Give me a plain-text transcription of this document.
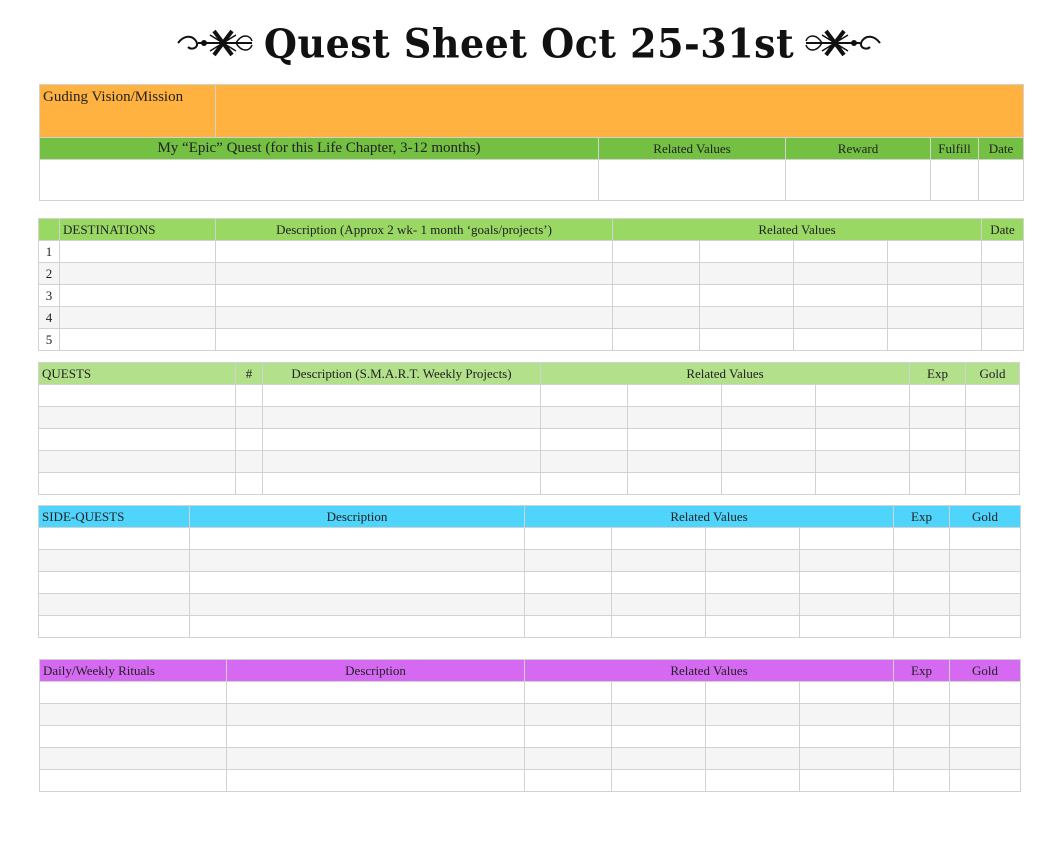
Quest Sheet Oct 25-31st
Guding Vision/Mission					
My “Epic” Quest (for this Life Chapter, 3-12 months)		Related Values	Reward	Fulfill	Date

	DESTINATIONS	Description (Approx 2 wk- 1 month ‘goals/projects’)	Related Values				Date
1							
2							
3							
4							
5							
QUESTS	#	Description (S.M.A.R.T. Weekly Projects)	Related Values				Exp	Gold

SIDE-QUESTS	Description	Related Values				Exp	Gold

Daily/Weekly Rituals	Description	Related Values				Exp	Gold
